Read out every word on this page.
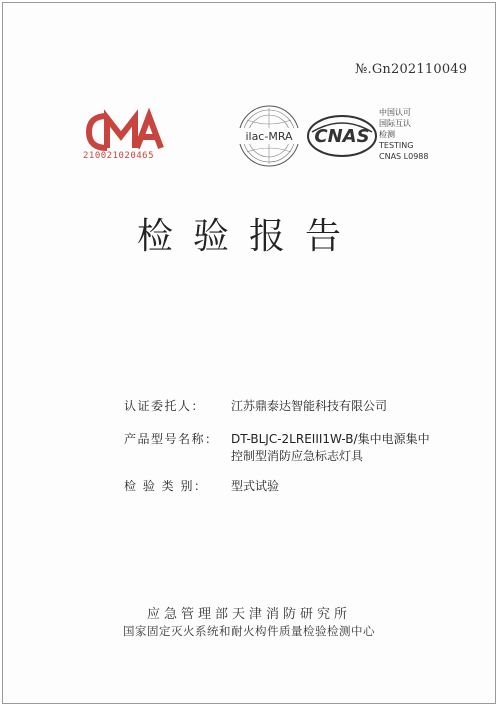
№.Gn202110049
210021020465
ilac-MRA CNAS
中国认可
国际互认
检测
TESTING
CNAS L0988
检验报告
认证委托人： 江苏鼎泰达智能科技有限公司
产品型号名称： DT-BLJC-2LREIII1W-B/集中电源集中
控制型消防应急标志灯具
检 验 类 别： 型式试验
应急管理部天津消防研究所
国家固定灭火系统和耐火构件质量检验检测中心
